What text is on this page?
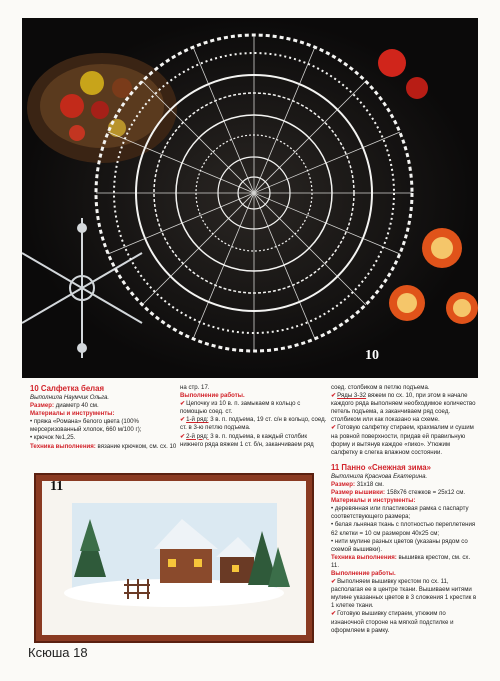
10

10 Салфетка белая

Выполнила Наумчик Ольга.

Размер: диаметр 40 см.

Материалы и инструменты:

• пряжа «Романа» белого цвета (100% мерсеризованный хлопок, 660 м/100 г);

• крючок №1,25.

Техника выполнения: вязание крючком, см. сх. 10

на стр. 17.

Выполнение работы.

✔Цепочку из 10 в. п. замыкаем в кольцо с помощью соед. ст.

✔1-й ряд: 3 в. п. подъема, 19 ст. с/н в кольцо, соед. ст. в 3-ю петлю подъема.

✔2-й ряд: 3 в. п. подъема, в каждый столбик нижнего ряда вяжем 1 ст. б/н, заканчиваем ряд

соед. столбиком в петлю подъема.

✔Ряды 3-32 вяжем по сх. 10, при этом в начале каждого ряда выполняем необходимое количество петель подъема, а заканчиваем ряд соед. столбиком или как показано на схеме.

✔Готовую салфетку стираем, крахмалим и сушим на ровной поверхности, придав ей правильную форму и вытянув каждое «пико». Утюжим салфетку в слегка влажном состоянии.

11 Панно «Снежная зима»

Выполнила Краснова Екатерина.

Размер: 31x18 см.

Размер вышивки: 158x76 стежков = 25x12 см.

Материалы и инструменты:

• деревянная или пластиковая рамка с паспарту соответствующего размера;

• белая льняная ткань с плотностью переплетения 62 клетки = 10 см размером 40x25 см;

• нити мулине разных цветов (указаны рядом со схемой вышивки).

Техника выполнения: вышивка крестом, см. сх. 11.

Выполнение работы.

✔Выполняем вышивку крестом по сх. 11, располагая ее в центре ткани. Вышиваем нитями мулине указанных цветов в 3 сложения 1 крестик в 1 клетке ткани.

✔Готовую вышивку стираем, утюжим по изнаночной стороне на мягкой подстилке и оформляем в рамку.

11
Ксюша 18
